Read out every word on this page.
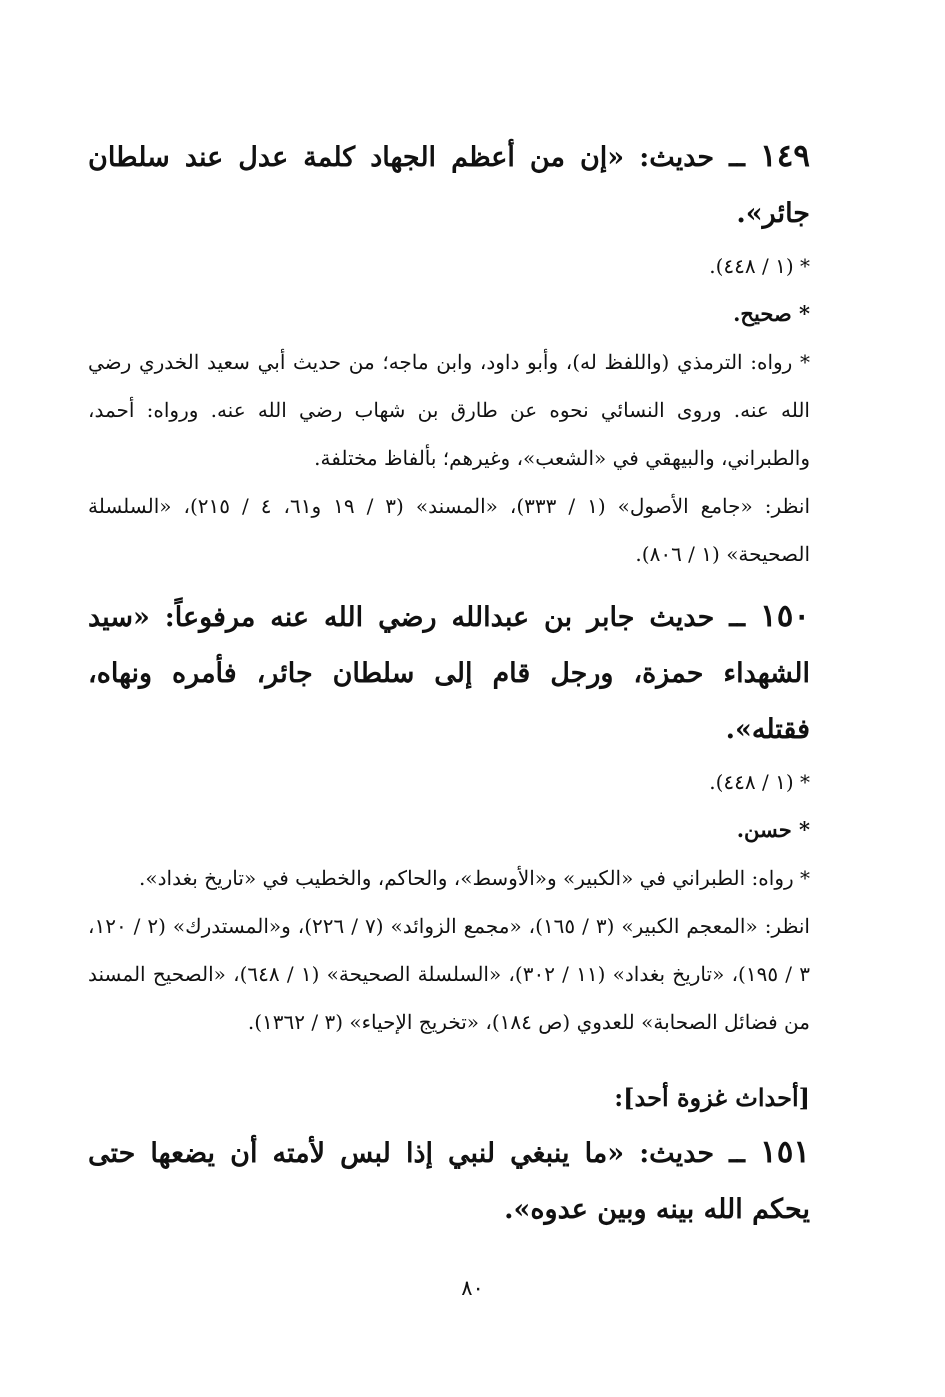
١٤٩ ــ حديث: «إن من أعظم الجهاد كلمة عدل عند سلطان جائر».

* (١ / ٤٤٨).

* صحيح.

* رواه: الترمذي (واللفظ له)، وأبو داود، وابن ماجه؛ من حديث أبي سعيد الخدري رضي الله عنه. وروى النسائي نحوه عن طارق بن شهاب رضي الله عنه. ورواه: أحمد، والطبراني، والبيهقي في «الشعب»، وغيرهم؛ بألفاظ مختلفة.

انظر: «جامع الأصول» (١ / ٣٣٣)، «المسند» (٣ / ١٩ و٦١، ٤ / ٢١٥)، «السلسلة الصحيحة» (١ / ٨٠٦).

١٥٠ ــ حديث جابر بن عبدالله رضي الله عنه مرفوعاً: «سيد الشهداء حمزة، ورجل قام إلى سلطان جائر، فأمره ونهاه، فقتله».

* (١ / ٤٤٨).

* حسن.

* رواه: الطبراني في «الكبير» و«الأوسط»، والحاكم، والخطيب في «تاريخ بغداد».

انظر: «المعجم الكبير» (٣ / ١٦٥)، «مجمع الزوائد» (٧ / ٢٢٦)، و«المستدرك» (٢ / ١٢٠، ٣ / ١٩٥)، «تاريخ بغداد» (١١ / ٣٠٢)، «السلسلة الصحيحة» (١ / ٦٤٨)، «الصحيح المسند من فضائل الصحابة» للعدوي (ص ١٨٤)، «تخريج الإحياء» (٣ / ١٣٦٢).

[أحداث غزوة أحد]:

١٥١ ــ حديث: «ما ينبغي لنبي إذا لبس لأمته أن يضعها حتى يحكم الله بينه وبين عدوه».

٨٠
